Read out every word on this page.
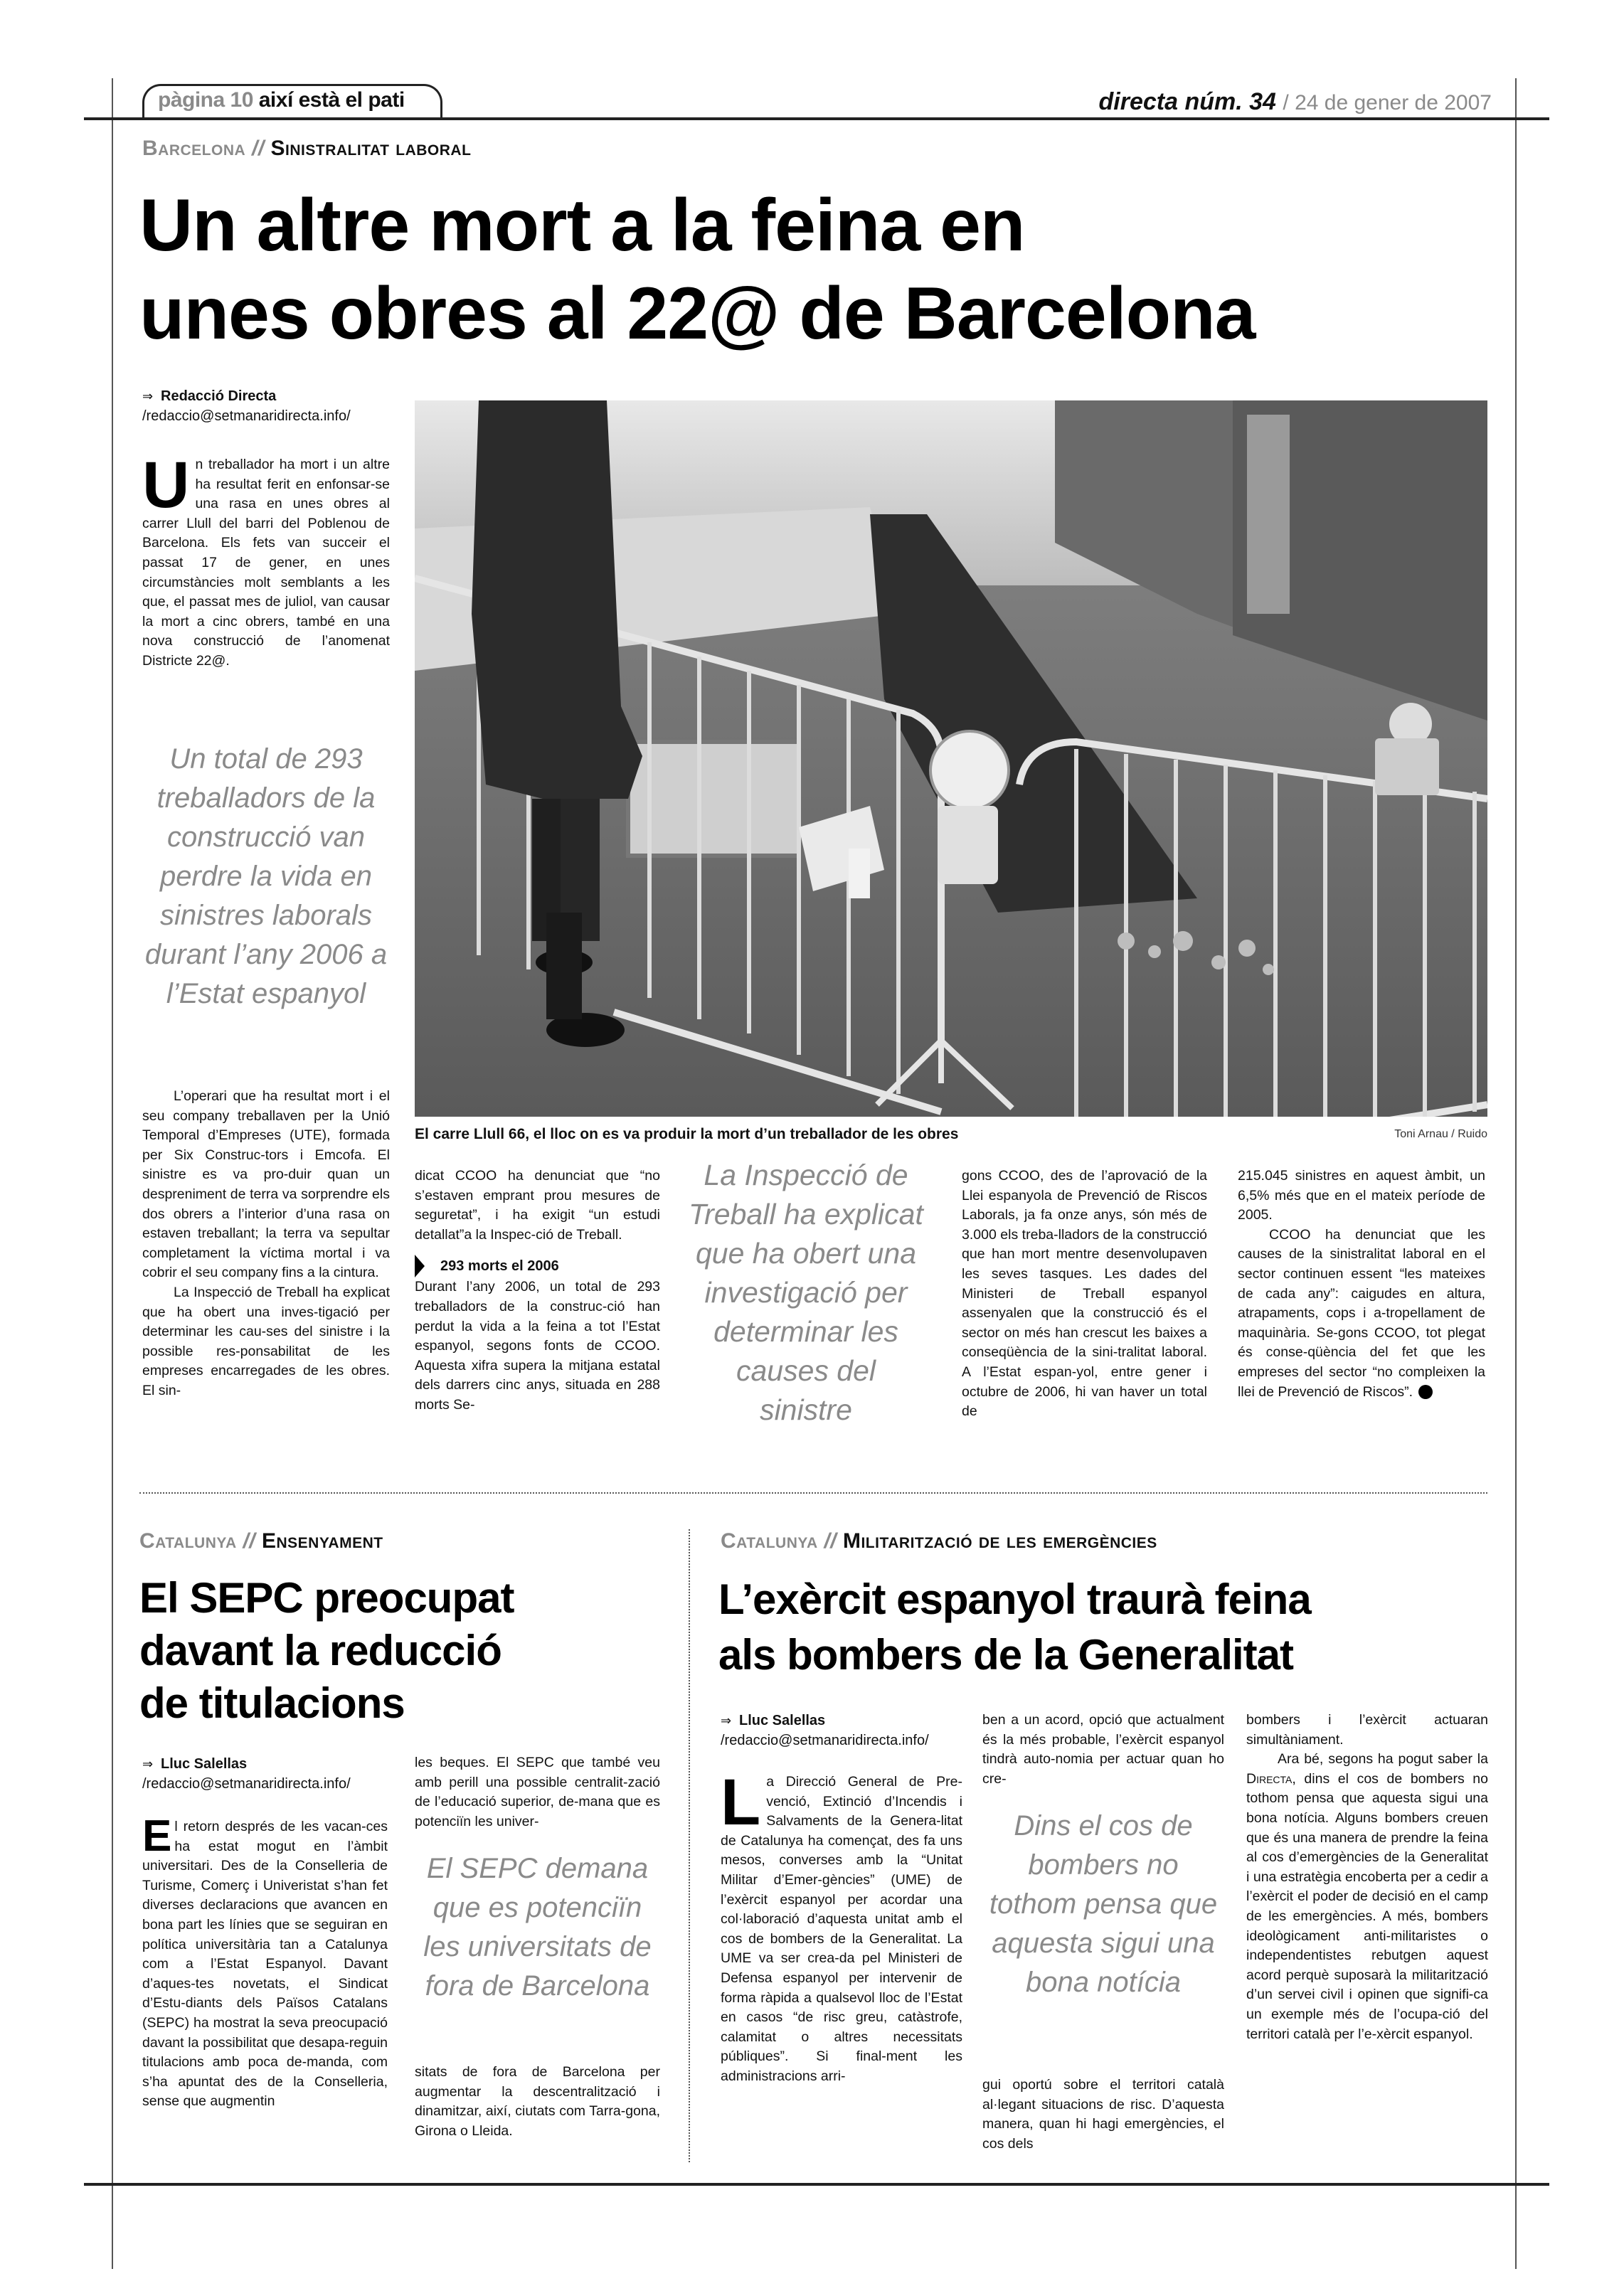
pàgina 10 així està el pati	directa núm. 34 / 24 de gener de 2007
Barcelona // Sinistralitat laboral
Un altre mort a la feina en
unes obres al 22@ de Barcelona
⇒ Redacció Directa
/redaccio@setmanaridirecta.info/
U n treballador ha mort i un altre ha resultat ferit en enfonsar-se una rasa en unes obres al carrer Llull del barri del Poblenou de Barcelona. Els fets van succeir el passat 17 de gener, en unes circumstàncies molt semblants a les que, el passat mes de juliol, van causar la mort a cinc obrers, també en una nova construcció de l’anomenat Districte 22@.
Un total de 293 treballadors de la construcció van perdre la vida en sinistres laborals durant l’any 2006 a l’Estat espanyol

L’operari que ha resultat mort i el seu company treballaven per la Unió Temporal d’Empreses (UTE), formada per Six Construc-tors i Emcofa. El sinistre es va pro-duir quan un despreniment de terra va sorprendre els dos obrers a l’interior d’una rasa on estaven treballant; la terra va sepultar completament la víctima mortal i va cobrir el seu company fins a la cintura.

La Inspecció de Treball ha explicat que ha obert una inves-tigació per determinar les cau-ses del sinistre i la possible res-ponsabilitat de les empreses encarregades de les obres. El sin-

El carre Llull 66, el lloc on es va produir la mort d’un treballador de les obres	Toni Arnau / Ruido

dicat CCOO ha denunciat que “no s’estaven emprant prou mesures de seguretat”, i ha exigit “un estudi detallat”a la Inspec-ció de Treball.

293 morts el 2006

Durant l’any 2006, un total de 293 treballadors de la construc-ció han perdut la vida a la feina a tot l’Estat espanyol, segons fonts de CCOO. Aquesta xifra supera la mitjana estatal dels darrers cinc anys, situada en 288 morts Se-

La Inspecció de Treball ha explicat que ha obert una investigació per determinar les causes del sinistre

gons CCOO, des de l’aprovació de la Llei espanyola de Prevenció de Riscos Laborals, ja fa onze anys, són més de 3.000 els treba-lladors de la construcció que han mort mentre desenvolupaven les seves tasques. Les dades del Ministeri de Treball espanyol assenyalen que la construcció és el sector on més han crescut les baixes a conseqüència de la sini-tralitat laboral. A l’Estat espan-yol, entre gener i octubre de 2006, hi van haver un total de

215.045 sinistres en aquest àmbit, un 6,5% més que en el mateix període de 2005.

CCOO ha denunciat que les causes de la sinistralitat laboral en el sector continuen essent “les mateixes de cada any”: caigudes en altura, atrapaments, cops i a-tropellament de maquinària. Se-gons CCOO, tot plegat és conse-qüència del fet que les empreses del sector “no compleixen la llei de Prevenció de Riscos”.	d

Catalunya // Ensenyament
El SEPC preocupat
davant la reducció
de titulacions
⇒ Lluc Salellas
/redaccio@setmanaridirecta.info/
E l retorn després de les vacan-ces ha estat mogut en l’àmbit universitari. Des de la Conselleria de Turisme, Comerç i Univeristat s’han fet diverses declaracions que avancen en bona part les línies que se seguiran en política universitària tan a Catalunya com a l’Estat Espanyol. Davant d’aques-tes novetats, el Sindicat d’Estu-diants dels Països Catalans (SEPC) ha mostrat la seva preocupació davant la possibilitat que desapa-reguin titulacions amb poca de-manda, com s’ha apuntat des de la Conselleria, sense que augmentin
les beques. El SEPC que també veu amb perill una possible centralit-zació de l’educació superior, de-mana que es potenciïn les univer-
El SEPC demana que es potenciïn les universitats de fora de Barcelona
sitats de fora de Barcelona per augmentar la descentralització i dinamitzar, així, ciutats com Tarra-gona, Girona o Lleida.
Catalunya // Militarització de les emergències
L’exèrcit espanyol traurà feina
als bombers de la Generalitat
⇒ Lluc Salellas
/redaccio@setmanaridirecta.info/
L a Direcció General de Pre-venció, Extinció d’Incendis i Salvaments de la Genera-litat de Catalunya ha començat, des fa uns mesos, converses amb la “Unitat Militar d’Emer-gències” (UME) de l’exèrcit espanyol per acordar una col·laboració d’aquesta unitat amb el cos de bombers de la Generalitat. La UME va ser crea-da pel Ministeri de Defensa espanyol per intervenir de forma ràpida a qualsevol lloc de l’Estat en casos “de risc greu, catàstrofe, calamitat o altres necessitats públiques”. Si final-ment les administracions arri-
ben a un acord, opció que actualment és la més probable, l’exèrcit espanyol tindrà auto-nomia per actuar quan ho cre-
Dins el cos de bombers no tothom pensa que aquesta sigui una bona notícia
gui oportú sobre el territori català al·legant situacions de risc. D’aquesta manera, quan hi hagi emergències, el cos dels

bombers i l’exèrcit actuaran simultàniament.

Ara bé, segons ha pogut saber la Directa, dins el cos de bombers no tothom pensa que aquesta sigui una bona notícia. Alguns bombers creuen que és una manera de prendre la feina al cos d’emergències de la Generalitat i una estratègia encoberta per a cedir a l’exèrcit el poder de decisió en el camp de les emergències. A més, bombers ideològicament anti-militaristes o independentistes rebutgen aquest acord perquè suposarà la militarització d’un servei civil i opinen que signifi-ca un exemple més de l’ocupa-ció del territori català per l’e-xèrcit espanyol.
